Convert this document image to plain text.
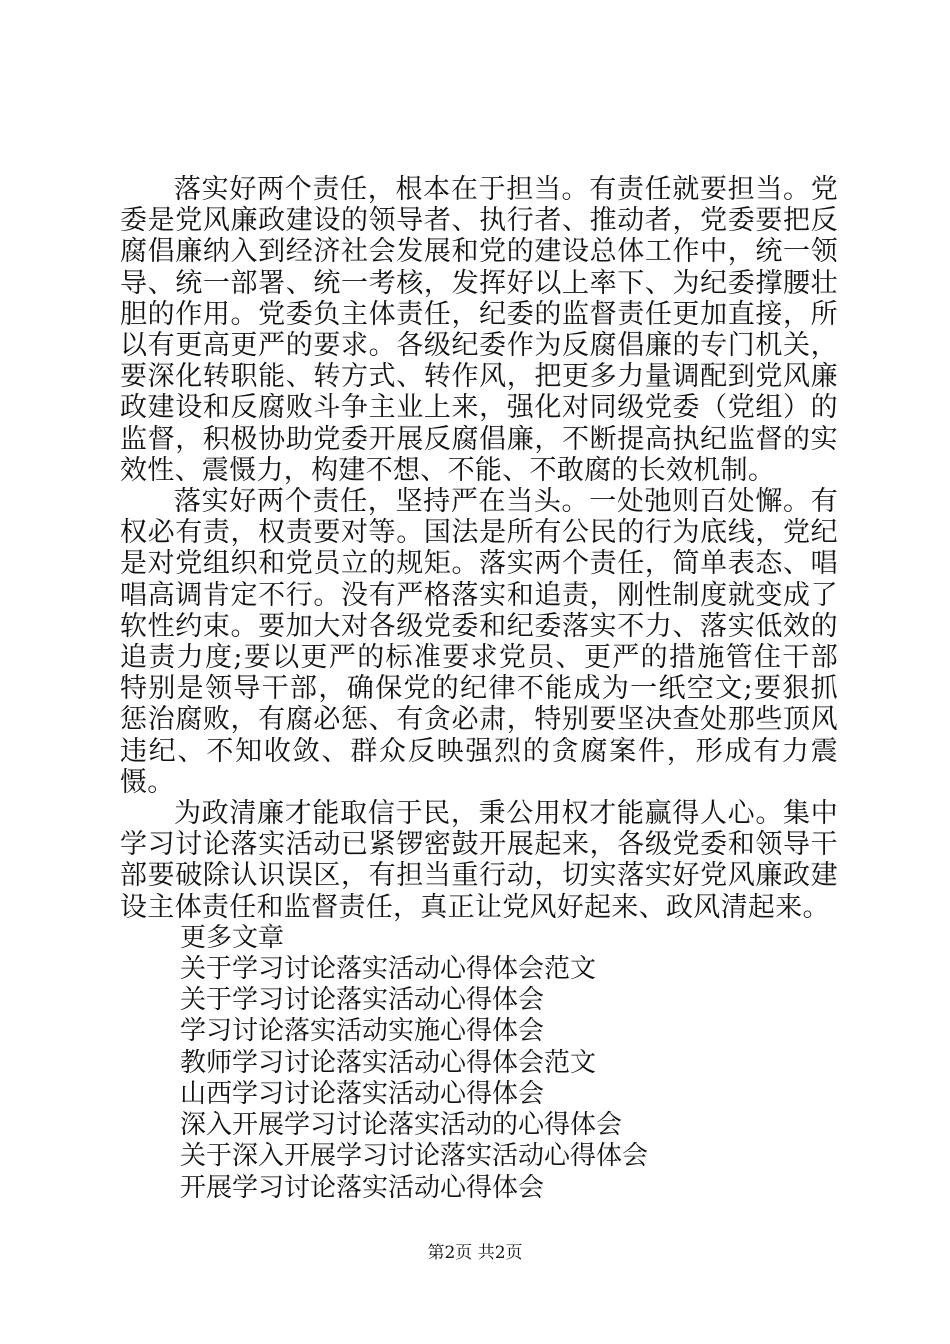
落实好两个责任，根本在于担当。有责任就要担当。党委是党风廉政建设的领导者、执行者、推动者，党委要把反腐倡廉纳入到经济社会发展和党的建设总体工作中，统一领导、统一部署、统一考核，发挥好以上率下、为纪委撑腰壮胆的作用。党委负主体责任，纪委的监督责任更加直接，所以有更高更严的要求。各级纪委作为反腐倡廉的专门机关，要深化转职能、转方式、转作风，把更多力量调配到党风廉政建设和反腐败斗争主业上来，强化对同级党委（党组）的监督，积极协助党委开展反腐倡廉，不断提高执纪监督的实效性、震慑力，构建不想、不能、不敢腐的长效机制。

落实好两个责任，坚持严在当头。一处弛则百处懈。有权必有责，权责要对等。国法是所有公民的行为底线，党纪是对党组织和党员立的规矩。落实两个责任，简单表态、唱唱高调肯定不行。没有严格落实和追责，刚性制度就变成了软性约束。要加大对各级党委和纪委落实不力、落实低效的追责力度;要以更严的标准要求党员、更严的措施管住干部特别是领导干部，确保党的纪律不能成为一纸空文;要狠抓惩治腐败，有腐必惩、有贪必肃，特别要坚决查处那些顶风违纪、不知收敛、群众反映强烈的贪腐案件，形成有力震慑。

为政清廉才能取信于民，秉公用权才能赢得人心。集中学习讨论落实活动已紧锣密鼓开展起来，各级党委和领导干部要破除认识误区，有担当重行动，切实落实好党风廉政建设主体责任和监督责任，真正让党风好起来、政风清起来。

更多文章

关于学习讨论落实活动心得体会范文
关于学习讨论落实活动心得体会
学习讨论落实活动实施心得体会
教师学习讨论落实活动心得体会范文
山西学习讨论落实活动心得体会
深入开展学习讨论落实活动的心得体会
关于深入开展学习讨论落实活动心得体会
开展学习讨论落实活动心得体会
第2页 共2页
